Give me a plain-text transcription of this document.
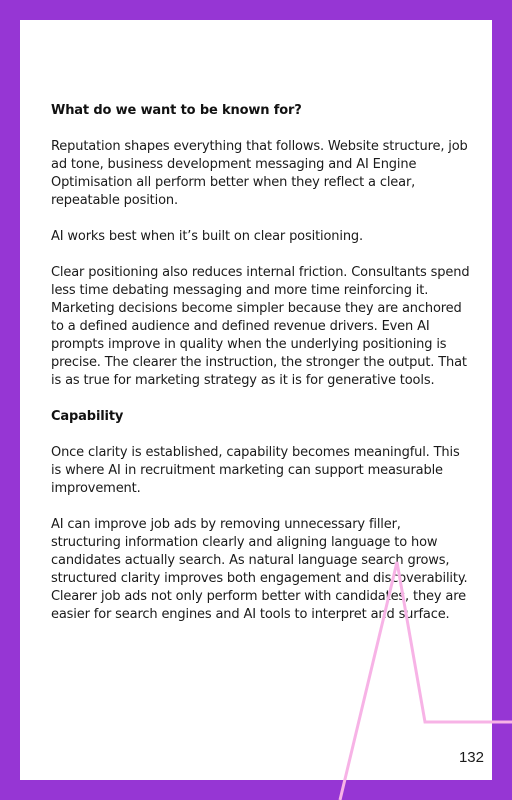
What do we want to be known for?

Reputation shapes everything that follows. Website structure, job ad tone, business development messaging and AI Engine Optimisation all perform better when they reflect a clear, repeatable position.

AI works best when it’s built on clear positioning.

Clear positioning also reduces internal friction. Consultants spend less time debating messaging and more time reinforcing it. Marketing decisions become simpler because they are anchored to a defined audience and defined revenue drivers. Even AI prompts improve in quality when the underlying positioning is precise. The clearer the instruction, the stronger the output. That is as true for marketing strategy as it is for generative tools.

Capability

Once clarity is established, capability becomes meaningful. This is where AI in recruitment marketing can support measurable improvement.

AI can improve job ads by removing unnecessary filler, structuring information clearly and aligning language to how candidates actually search. As natural language search grows, structured clarity improves both engagement and discoverability. Clearer job ads not only perform better with candidates, they are easier for search engines and AI tools to interpret and surface.

132
